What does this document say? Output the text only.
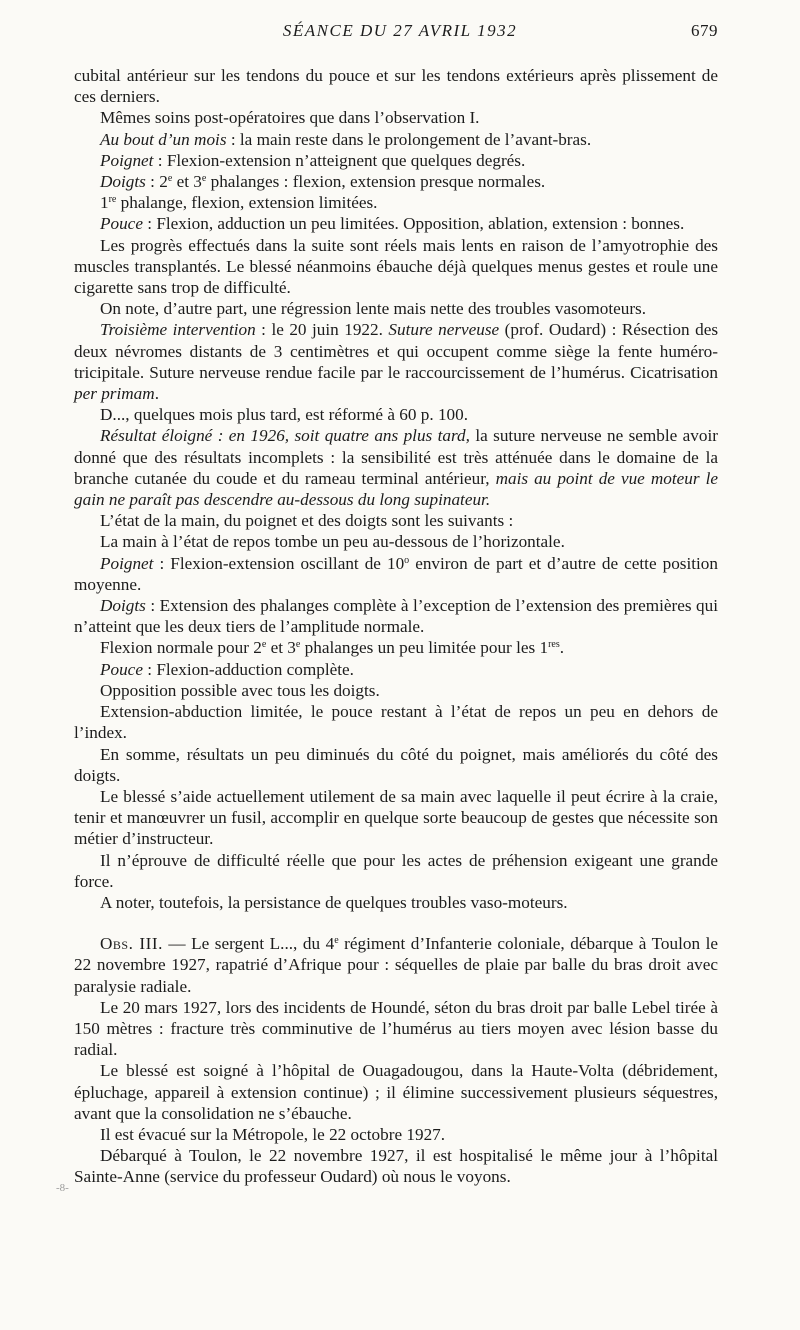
SÉANCE DU 27 AVRIL 1932	679
-8-

cubital antérieur sur les tendons du pouce et sur les tendons extérieurs après plissement de ces derniers.

Mêmes soins post-opératoires que dans l’observation I.

Au bout d’un mois : la main reste dans le prolongement de l’avant-bras.

Poignet : Flexion-extension n’atteignent que quelques degrés.

Doigts : 2e et 3e phalanges : flexion, extension presque normales.

1re phalange, flexion, extension limitées.

Pouce : Flexion, adduction un peu limitées. Opposition, ablation, extension : bonnes.

Les progrès effectués dans la suite sont réels mais lents en raison de l’amyotrophie des muscles transplantés. Le blessé néanmoins ébauche déjà quelques menus gestes et roule une cigarette sans trop de difficulté.

On note, d’autre part, une régression lente mais nette des troubles vasomoteurs.

Troisième intervention : le 20 juin 1922. Suture nerveuse (prof. Oudard) : Résection des deux névromes distants de 3 centimètres et qui occupent comme siège la fente huméro-tricipitale. Suture nerveuse rendue facile par le raccourcissement de l’humérus. Cicatrisation per primam.

D..., quelques mois plus tard, est réformé à 60 p. 100.

Résultat éloigné : en 1926, soit quatre ans plus tard, la suture nerveuse ne semble avoir donné que des résultats incomplets : la sensibilité est très atténuée dans le domaine de la branche cutanée du coude et du rameau terminal antérieur, mais au point de vue moteur le gain ne paraît pas descendre au-dessous du long supinateur.

L’état de la main, du poignet et des doigts sont les suivants :

La main à l’état de repos tombe un peu au-dessous de l’horizontale.

Poignet : Flexion-extension oscillant de 10$^o$ environ de part et d’autre de cette position moyenne.

Doigts : Extension des phalanges complète à l’exception de l’extension des premières qui n’atteint que les deux tiers de l’amplitude normale.

Flexion normale pour 2e et 3e phalanges un peu limitée pour les 1res.

Pouce : Flexion-adduction complète.

Opposition possible avec tous les doigts.

Extension-abduction limitée, le pouce restant à l’état de repos un peu en dehors de l’index.

En somme, résultats un peu diminués du côté du poignet, mais améliorés du côté des doigts.

Le blessé s’aide actuellement utilement de sa main avec laquelle il peut écrire à la craie, tenir et manœuvrer un fusil, accomplir en quelque sorte beaucoup de gestes que nécessite son métier d’instructeur.

Il n’éprouve de difficulté réelle que pour les actes de préhension exigeant une grande force.

A noter, toutefois, la persistance de quelques troubles vaso-moteurs.

Obs. III. — Le sergent L..., du 4e régiment d’Infanterie coloniale, débarque à Toulon le 22 novembre 1927, rapatrié d’Afrique pour : séquelles de plaie par balle du bras droit avec paralysie radiale.

Le 20 mars 1927, lors des incidents de Houndé, séton du bras droit par balle Lebel tirée à 150 mètres : fracture très comminutive de l’humérus au tiers moyen avec lésion basse du radial.

Le blessé est soigné à l’hôpital de Ouagadougou, dans la Haute-Volta (débridement, épluchage, appareil à extension continue) ; il élimine successivement plusieurs séquestres, avant que la consolidation ne s’ébauche.

Il est évacué sur la Métropole, le 22 octobre 1927.

Débarqué à Toulon, le 22 novembre 1927, il est hospitalisé le même jour à l’hôpital Sainte-Anne (service du professeur Oudard) où nous le voyons.
